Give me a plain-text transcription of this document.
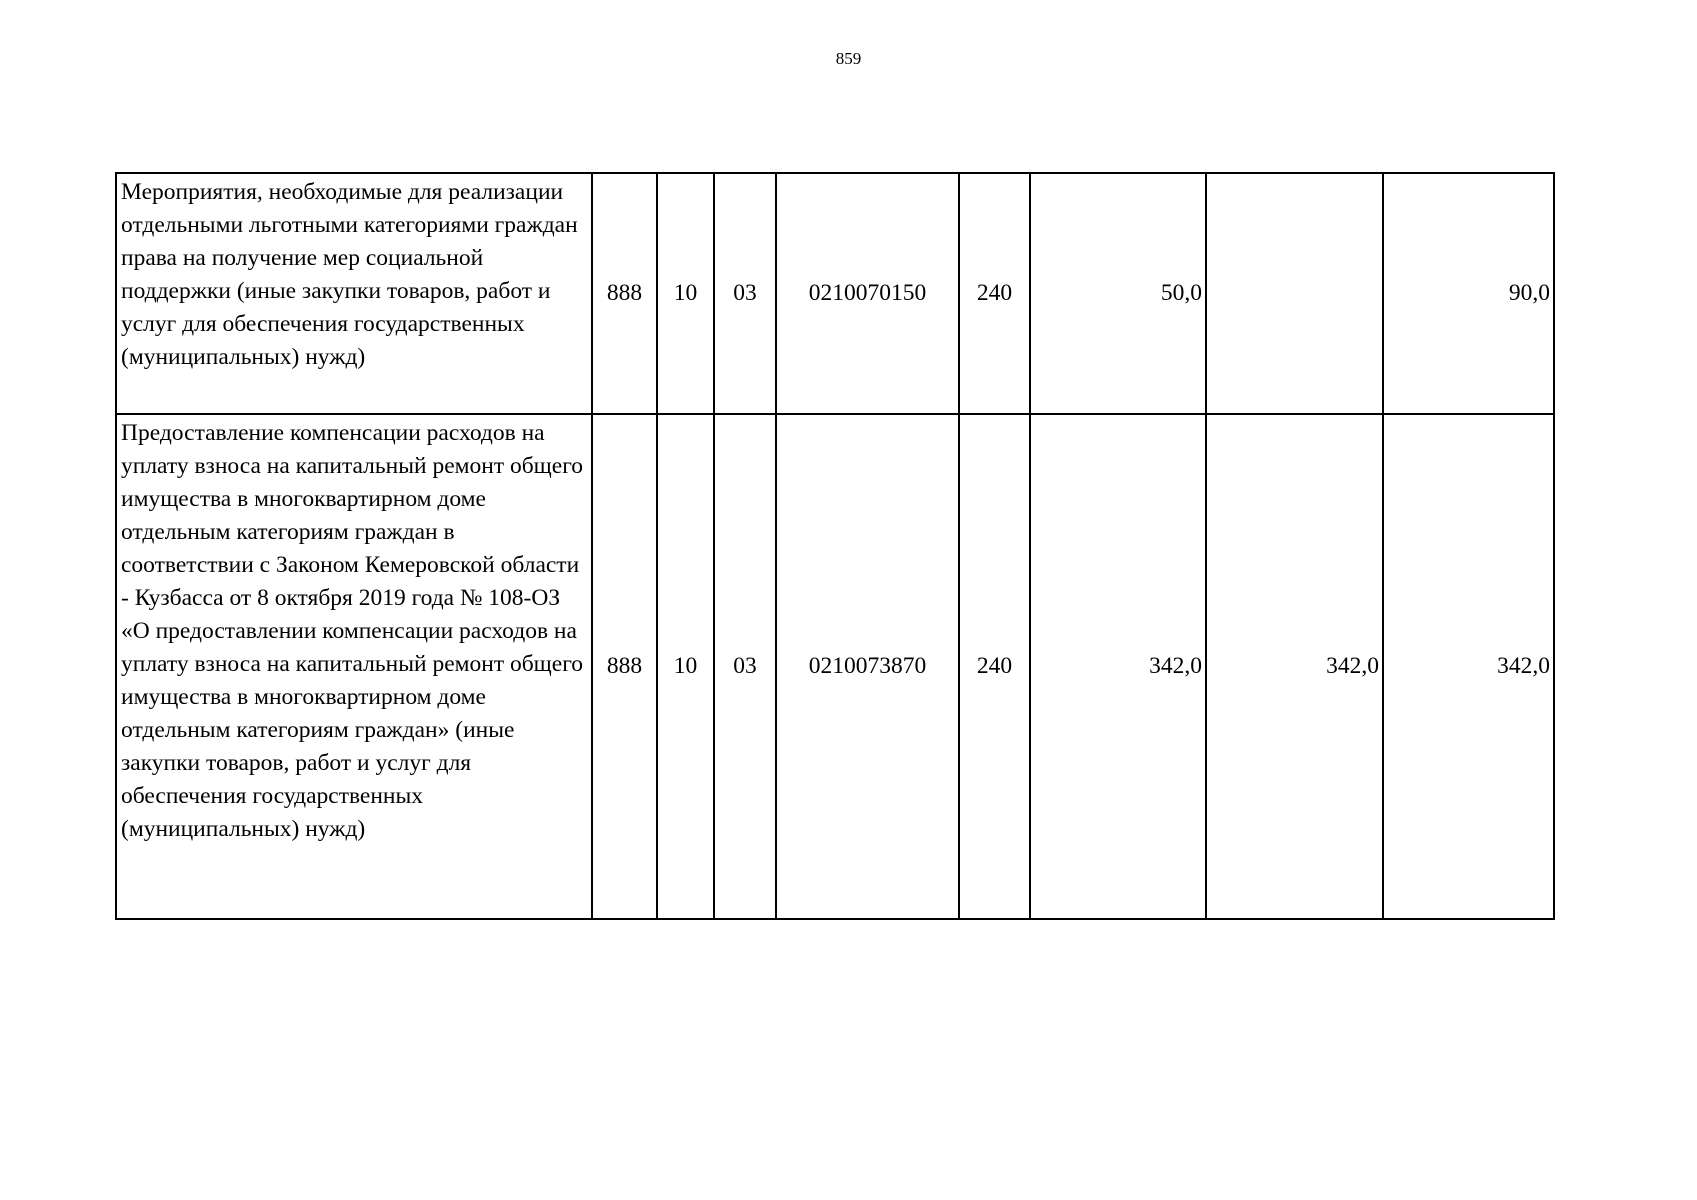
859
Мероприятия, необходимые для реализации отдельными льготными категориями граждан права на получение мер социальной поддержки (иные закупки товаров, работ и услуг для обеспечения государственных (муниципальных) нужд)	888	10	03	0210070150	240	50,0		90,0
Предоставление компенсации расходов на уплату взноса на капитальный ремонт общего имущества в многоквартирном доме отдельным категориям граждан в соответствии с Законом Кемеровской области - Кузбасса от 8 октября 2019 года № 108-ОЗ «О предоставлении компенсации расходов на уплату взноса на капитальный ремонт общего имущества в многоквартирном доме отдельным категориям граждан» (иные закупки товаров, работ и услуг для обеспечения государственных (муниципальных) нужд)	888	10	03	0210073870	240	342,0	342,0	342,0
